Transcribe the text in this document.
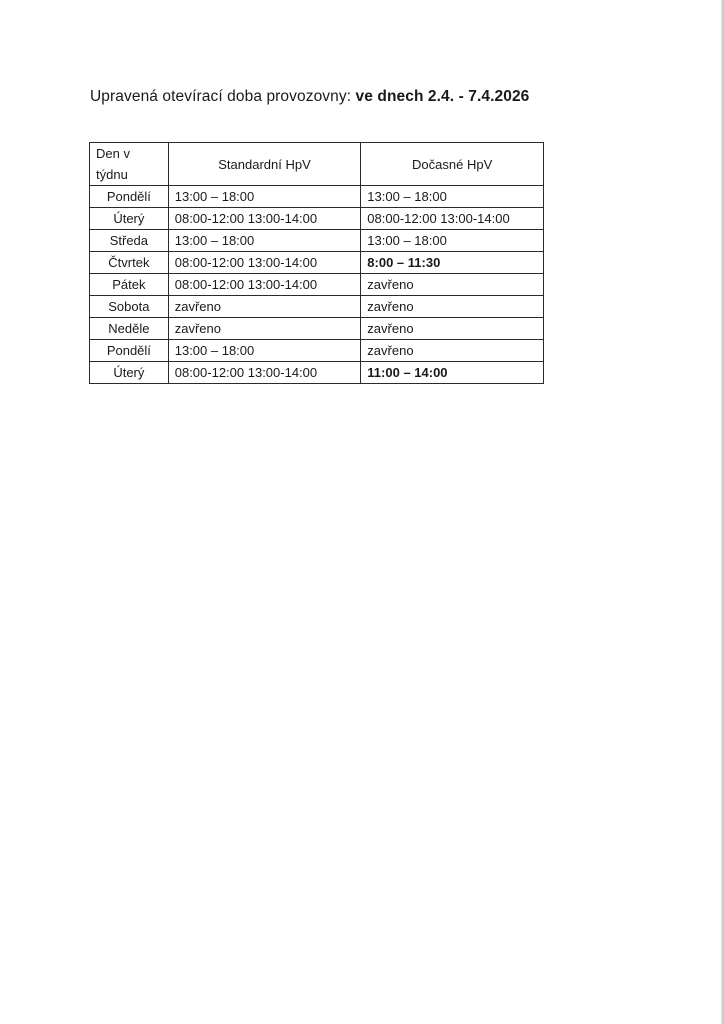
Upravená otevírací doba provozovny: ve dnech 2.4. - 7.4.2026
Den v
týdnu	Standardní HpV	Dočasné HpV
Pondělí	13:00 – 18:00	13:00 – 18:00
Úterý	08:00-12:00 13:00-14:00	08:00-12:00 13:00-14:00
Středa	13:00 – 18:00	13:00 – 18:00
Čtvrtek	08:00-12:00 13:00-14:00	8:00 – 11:30
Pátek	08:00-12:00 13:00-14:00	zavřeno
Sobota	zavřeno	zavřeno
Neděle	zavřeno	zavřeno
Pondělí	13:00 – 18:00	zavřeno
Úterý	08:00-12:00 13:00-14:00	11:00 – 14:00
